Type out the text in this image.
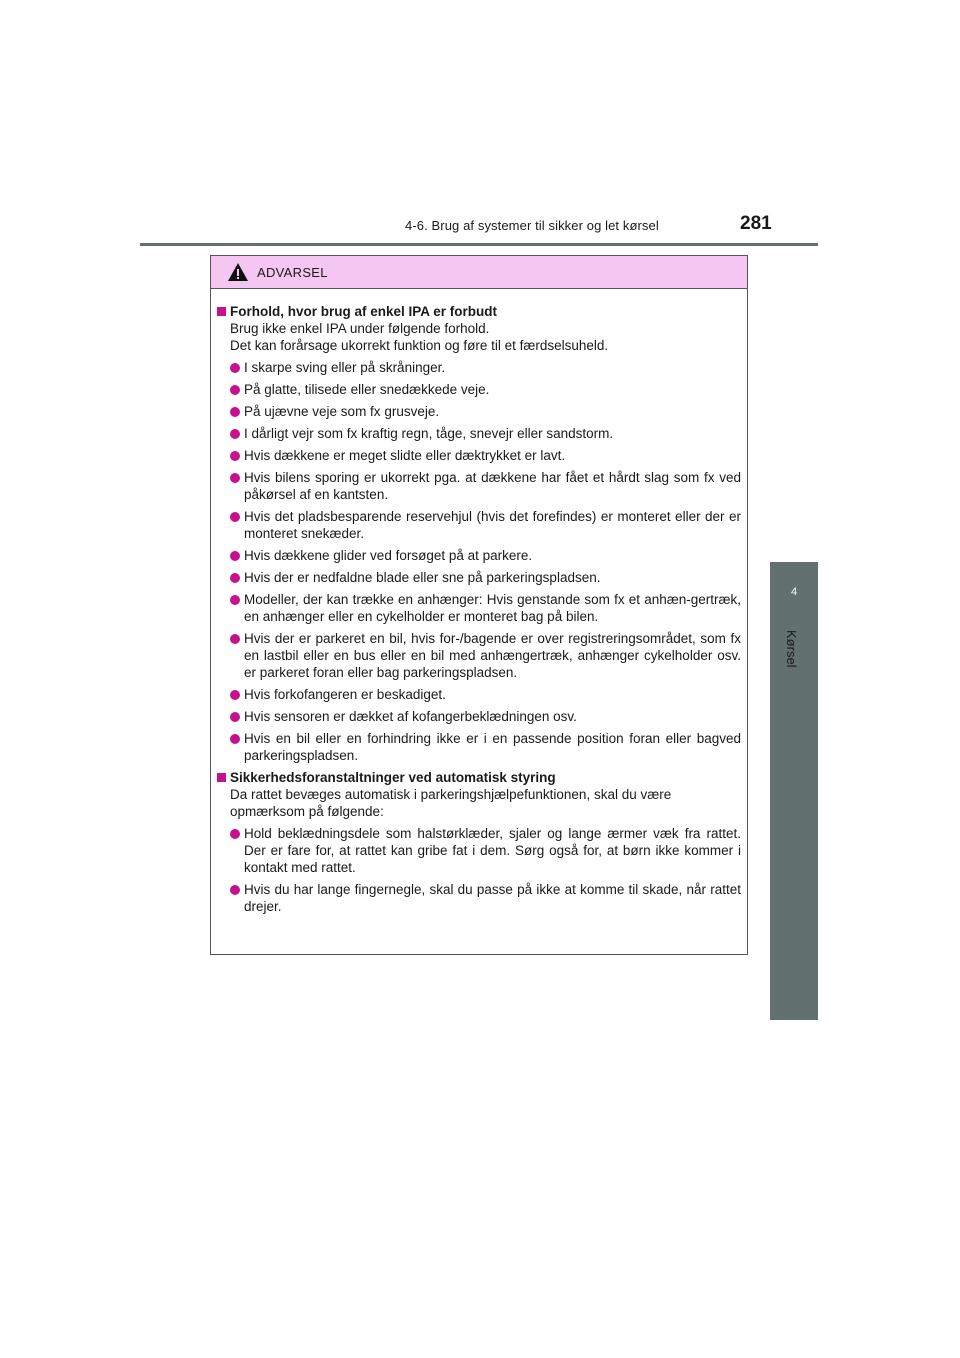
4-6. Brug af systemer til sikker og let kørsel	281
4
Kørsel
ADVARSEL
Forhold, hvor brug af enkel IPA er forbudt
Brug ikke enkel IPA under følgende forhold.
Det kan forårsage ukorrekt funktion og føre til et færdselsuheld.
I skarpe sving eller på skråninger.
På glatte, tilisede eller snedækkede veje.
På ujævne veje som fx grusveje.
I dårligt vejr som fx kraftig regn, tåge, snevejr eller sandstorm.
Hvis dækkene er meget slidte eller dæktrykket er lavt.
Hvis bilens sporing er ukorrekt pga. at dækkene har fået et hårdt slag som fx ved påkørsel af en kantsten.
Hvis det pladsbesparende reservehjul (hvis det forefindes) er monteret eller der er monteret snekæder.
Hvis dækkene glider ved forsøget på at parkere.
Hvis der er nedfaldne blade eller sne på parkeringspladsen.
Modeller, der kan trække en anhænger: Hvis genstande som fx et anhæn-gertræk, en anhænger eller en cykelholder er monteret bag på bilen.
Hvis der er parkeret en bil, hvis for-/bagende er over registreringsområdet, som fx en lastbil eller en bus eller en bil med anhængertræk, anhænger cykelholder osv. er parkeret foran eller bag parkeringspladsen.
Hvis forkofangeren er beskadiget.
Hvis sensoren er dækket af kofangerbeklædningen osv.
Hvis en bil eller en forhindring ikke er i en passende position foran eller bagved parkeringspladsen.
Sikkerhedsforanstaltninger ved automatisk styring
Da rattet bevæges automatisk i parkeringshjælpefunktionen, skal du være opmærksom på følgende:
Hold beklædningsdele som halstørklæder, sjaler og lange ærmer væk fra rattet. Der er fare for, at rattet kan gribe fat i dem. Sørg også for, at børn ikke kommer i kontakt med rattet.
Hvis du har lange fingernegle, skal du passe på ikke at komme til skade, når rattet drejer.
